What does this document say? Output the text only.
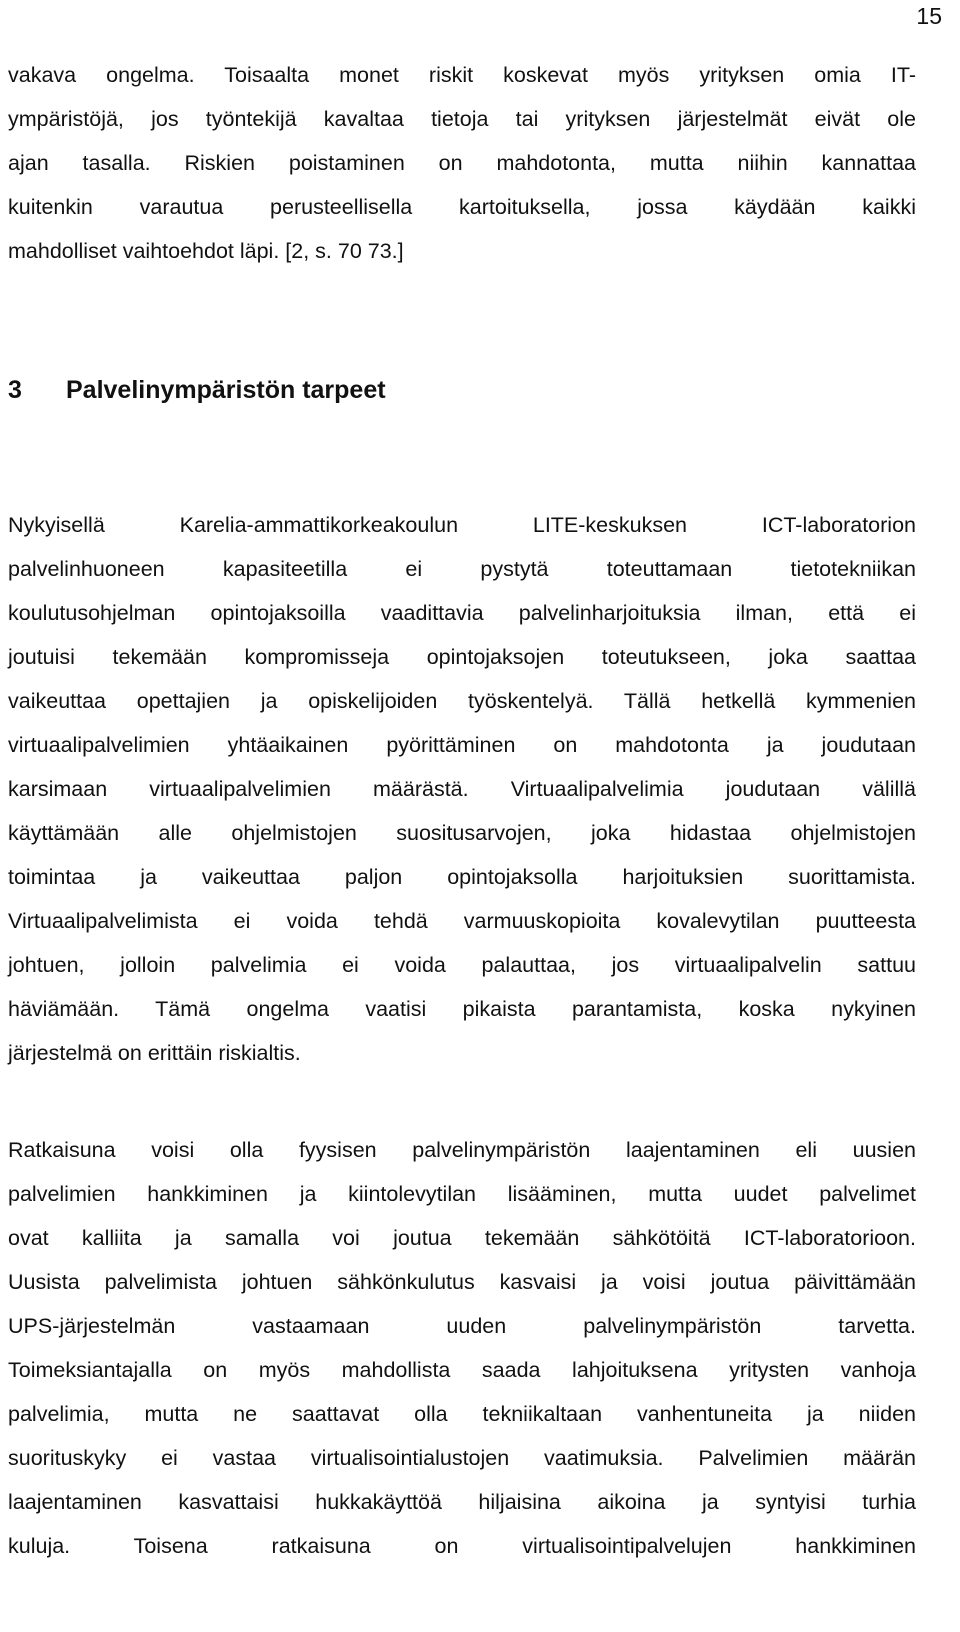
15
vakava ongelma. Toisaalta monet riskit koskevat myös yrityksen omia IT-
ympäristöjä, jos työntekijä kavaltaa tietoja tai yrityksen järjestelmät eivät ole
ajan tasalla. Riskien poistaminen on mahdotonta, mutta niihin kannattaa
kuitenkin varautua perusteellisella kartoituksella, jossa käydään kaikki
mahdolliset vaihtoehdot läpi. [2, s. 70 73.]
3 Palvelinympäristön tarpeet
Nykyisellä Karelia-ammattikorkeakoulun LITE-keskuksen ICT-laboratorion
palvelinhuoneen kapasiteetilla ei pystytä toteuttamaan tietotekniikan
koulutusohjelman opintojaksoilla vaadittavia palvelinharjoituksia ilman, että ei
joutuisi tekemään kompromisseja opintojaksojen toteutukseen, joka saattaa
vaikeuttaa opettajien ja opiskelijoiden työskentelyä. Tällä hetkellä kymmenien
virtuaalipalvelimien yhtäaikainen pyörittäminen on mahdotonta ja joudutaan
karsimaan virtuaalipalvelimien määrästä. Virtuaalipalvelimia joudutaan välillä
käyttämään alle ohjelmistojen suositusarvojen, joka hidastaa ohjelmistojen
toimintaa ja vaikeuttaa paljon opintojaksolla harjoituksien suorittamista.
Virtuaalipalvelimista ei voida tehdä varmuuskopioita kovalevytilan puutteesta
johtuen, jolloin palvelimia ei voida palauttaa, jos virtuaalipalvelin sattuu
häviämään. Tämä ongelma vaatisi pikaista parantamista, koska nykyinen
järjestelmä on erittäin riskialtis.
Ratkaisuna voisi olla fyysisen palvelinympäristön laajentaminen eli uusien
palvelimien hankkiminen ja kiintolevytilan lisääminen, mutta uudet palvelimet
ovat kalliita ja samalla voi joutua tekemään sähkötöitä ICT-laboratorioon.
Uusista palvelimista johtuen sähkönkulutus kasvaisi ja voisi joutua päivittämään
UPS-järjestelmän vastaamaan uuden palvelinympäristön tarvetta.
Toimeksiantajalla on myös mahdollista saada lahjoituksena yritysten vanhoja
palvelimia, mutta ne saattavat olla tekniikaltaan vanhentuneita ja niiden
suorituskyky ei vastaa virtualisointialustojen vaatimuksia. Palvelimien määrän
laajentaminen kasvattaisi hukkakäyttöä hiljaisina aikoina ja syntyisi turhia
kuluja. Toisena ratkaisuna on virtualisointipalvelujen hankkiminen
